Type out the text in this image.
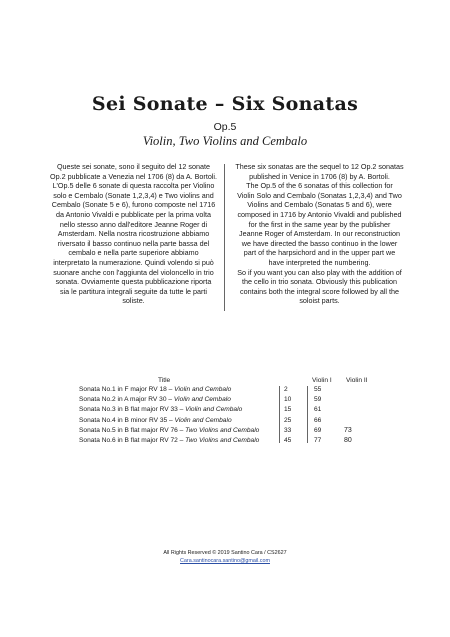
Sei Sonate – Six Sonatas
Op.5
Violin, Two Violins and Cembalo

Queste sei sonate, sono il seguito del 12 sonate

Op.2 pubblicate a Venezia nel 1706 (8) da A. Bortoli.

L'Op.5 delle 6 sonate di questa raccolta per Violino

solo e Cembalo (Sonate 1,2,3,4) e Two violins and

Cembalo (Sonate 5 e 6), furono composte nel 1716

da Antonio Vivaldi e pubblicate per la prima volta

nello stesso anno dall'editore Jeanne Roger di

Amsterdam. Nella nostra ricostruzione abbiamo

riversato il basso continuo nella parte bassa del

cembalo e nella parte superiore abbiamo

interpretato la numerazione. Quindi volendo si può

suonare anche con l'aggiunta del violoncello in trio

sonata. Ovviamente questa pubblicazione riporta

sia le partitura integrali seguite da tutte le parti

soliste.

These six sonatas are the sequel to 12 Op.2 sonatas

published in Venice in 1706 (8) by A. Bortoli.

The Op.5 of the 6 sonatas of this collection for

Violin Solo and Cembalo (Sonatas 1,2,3,4) and Two

Violins and Cembalo (Sonatas 5 and 6), were

composed in 1716 by Antonio Vivaldi and published

for the first in the same year by the publisher

Jeanne Roger of Amsterdam. In our reconstruction

we have directed the basso continuo in the lower

part of the harpsichord and in the upper part we

have interpreted the numbering.

So if you want you can also play with the addition of

the cello in trio sonata. Obviously this publication

contains both the integral score followed by all the

soloist parts.

Title	Violin I Violin II
Sonata No.1 in F major RV 18 – Violin and Cembalo	2	55
Sonata No.2 in A major RV 30 – Violin and Cembalo	10	59
Sonata No.3 in B flat major RV 33 – Violin and Cembalo	15	61
Sonata No.4 in B minor RV 35 – Violin and Cembalo	25	66
Sonata No.5 in B flat major RV 76 – Two Violins and Cembalo	33	69	73
Sonata No.6 in B flat major RV 72 – Two Violins and Cembalo	45	77	80
All Rights Reserved © 2019 Santino Cara / CS2627
Cara.santinocara.santino@gmail.com
